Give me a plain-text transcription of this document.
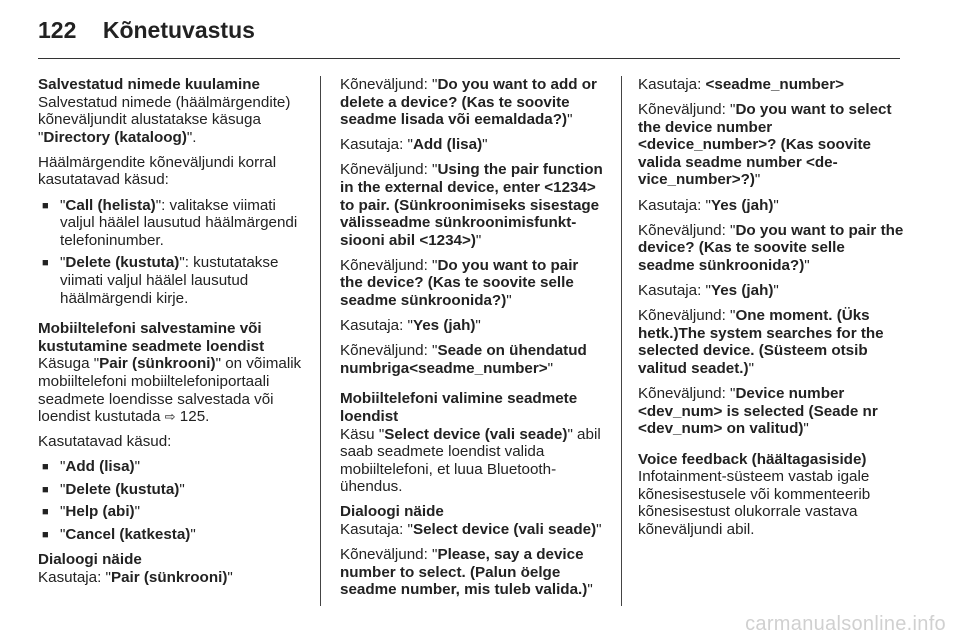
122 Kõnetuvastus

Salvestatud nimede kuulamine

Salvestatud nimede (häälmärgendite) kõneväljundit alustatakse käsuga "Directory (kataloog)".

Häälmärgendite kõneväljundi korral kasutatavad käsud:

■ "Call (helista)": valitakse viimati valjul häälel lausutud häälmärgendi telefoninumber.
■ "Delete (kustuta)": kustutatakse viimati valjul häälel lausutud häälmärgendi kirje.

Mobiiltelefoni salvestamine või kustutamine seadmete loendist

Käsuga "Pair (sünkrooni)" on võimalik mobiiltelefoni mobiiltelefoniportaali seadmete loendisse salvestada või loendist kustutada ⇨ 125.

Kasutatavad käsud:

■ "Add (lisa)"
■ "Delete (kustuta)"
■ "Help (abi)"
■ "Cancel (katkesta)"

Dialoogi näide

Kasutaja: "Pair (sünkrooni)"

Kõneväljund: "Do you want to add or delete a device? (Kas te soovite seadme lisada või eemaldada?)"

Kasutaja: "Add (lisa)"

Kõneväljund: "Using the pair function in the external device, enter <1234> to pair. (Sünkroonimiseks sisestage välisseadme sünkroonimisfunktsiooni abil <1234>)"

Kõneväljund: "Do you want to pair the device? (Kas te soovite selle seadme sünkroonida?)"

Kasutaja: "Yes (jah)"

Kõneväljund: "Seade on ühendatud numbriga<seadme_number>"

Mobiiltelefoni valimine seadmete loendist

Käsu "Select device (vali seade)" abil saab seadmete loendist valida mobiiltelefoni, et luua Bluetooth-ühendus.

Dialoogi näide

Kasutaja: "Select device (vali seade)"

Kõneväljund: "Please, say a device number to select. (Palun öelge seadme number, mis tuleb valida.)"

Kasutaja: <seadme_number>

Kõneväljund: "Do you want to select the device number <device_number>? (Kas soovite valida seadme number <device_number>?)"

Kasutaja: "Yes (jah)"

Kõneväljund: "Do you want to pair the device? (Kas te soovite selle seadme sünkroonida?)"

Kasutaja: "Yes (jah)"

Kõneväljund: "One moment. (Üks hetk.)The system searches for the selected device. (Süsteem otsib valitud seadet.)"

Kõneväljund: "Device number <dev_num> is selected (Seade nr <dev_num> on valitud)"

Voice feedback (häältagasiside)

Infotainment-süsteem vastab igale kõnesisestusele või kommenteerib kõnesisestust olukorrale vastava kõneväljundi abil.

carmanualsonline.info
